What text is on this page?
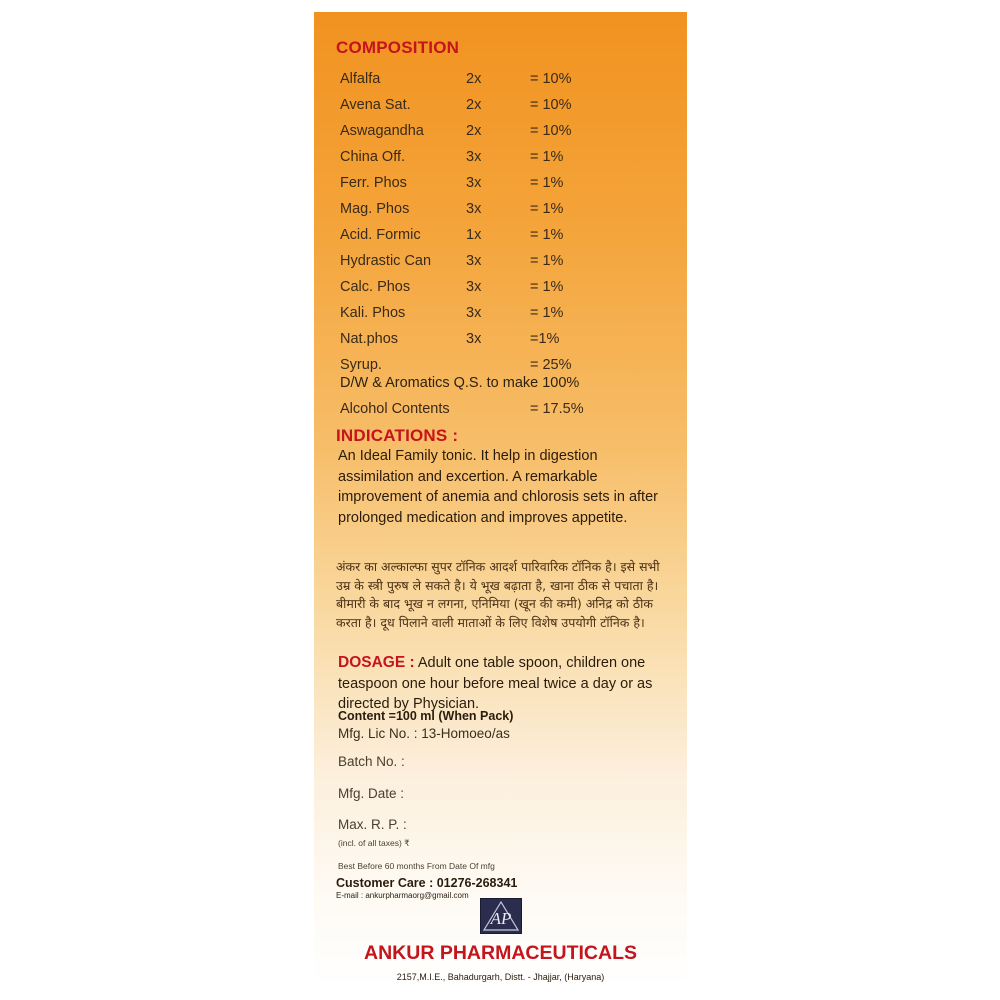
COMPOSITION
Alfalfa	2x	= 10%
Avena Sat.	2x	= 10%
Aswagandha	2x	= 10%
China Off.	3x	= 1%
Ferr. Phos	3x	= 1%
Mag. Phos	3x	= 1%
Acid. Formic	1x	= 1%
Hydrastic Can 3x	= 1%
Calc. Phos	3x	= 1%
Kali. Phos	3x	= 1%
Nat.phos	3x	=1%
Syrup.	= 25%
D/W & Aromatics Q.S. to make 100%
Alcohol Contents	= 17.5%
INDICATIONS :

An Ideal Family tonic. It help in digestion assimilation and excertion. A remarkable improvement of anemia and chlorosis sets in after prolonged medication and improves appetite.

अंकर का अल्काल्फा सुपर टॉनिक आदर्श पारिवारिक टॉनिक है। इसे सभी उम्र के स्त्री पुरुष ले सकते है। ये भूख बढ़ाता है, खाना ठीक से पचाता है। बीमारी के बाद भूख न लगना, एनिमिया (खून की कमी) अनिद्र को ठीक करता है। दूध पिलाने वाली माताओं के लिए विशेष उपयोगी टॉनिक है।

DOSAGE : Adult one table spoon, children one teaspoon one hour before meal twice a day or as directed by Physician.

Content =100 ml (When Pack)
Mfg. Lic No. : 13-Homoeo/as
Batch No. :
Mfg. Date :
Max. R. P. :
(incl. of all taxes) ₹
Best Before 60 months From Date Of mfg
Customer Care : 01276-268341
E-mail : ankurpharmaorg@gmail.com
AP
ANKUR PHARMACEUTICALS
2157,M.I.E., Bahadurgarh, Distt. - Jhajjar, (Haryana)
